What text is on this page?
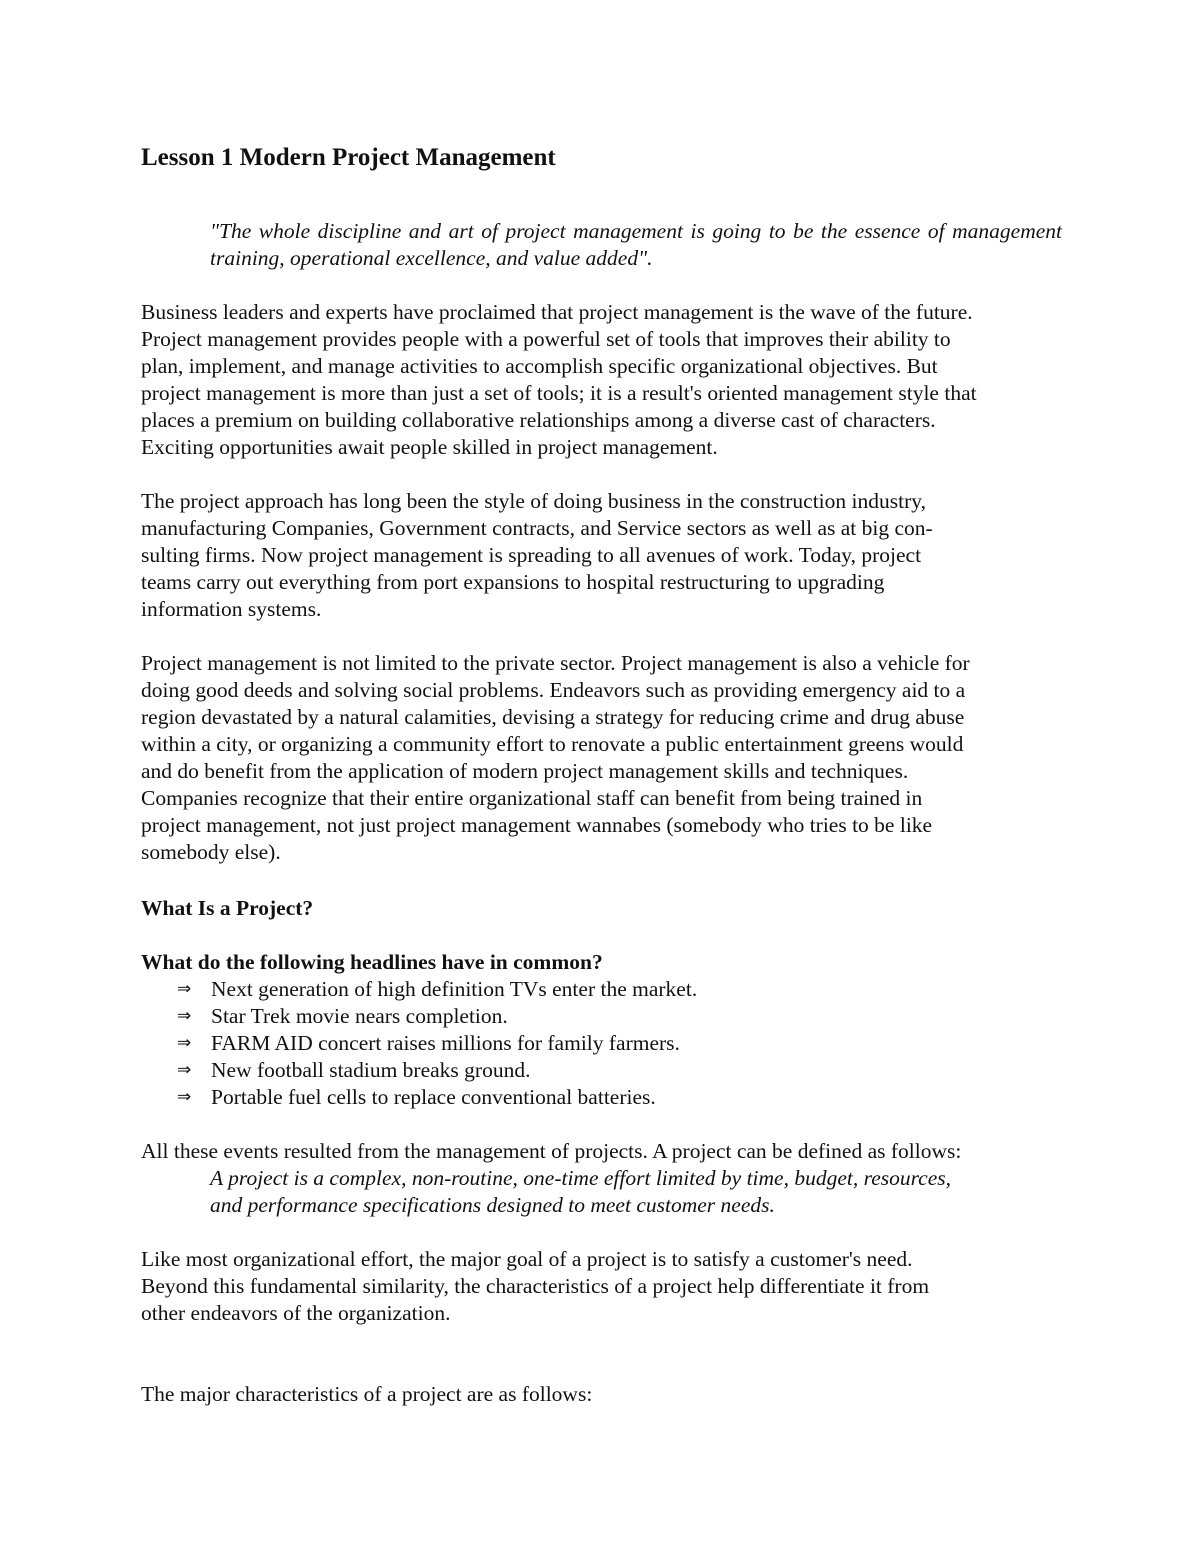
Lesson 1 Modern Project Management

"The whole discipline and art of project management is going to be the essence of management training, operational excellence, and value added".

Business leaders and experts have proclaimed that project management is the wave of the future.
Project management provides people with a powerful set of tools that improves their ability to
plan, implement, and manage activities to accomplish specific organizational objectives. But
project management is more than just a set of tools; it is a result's oriented management style that
places a premium on building collaborative relationships among a diverse cast of characters.
Exciting opportunities await people skilled in project management.
The project approach has long been the style of doing business in the construction industry,
manufacturing Companies, Government contracts, and Service sectors as well as at big con-
sulting firms. Now project management is spreading to all avenues of work. Today, project
teams carry out everything from port expansions to hospital restructuring to upgrading
information systems.
Project management is not limited to the private sector. Project management is also a vehicle for
doing good deeds and solving social problems. Endeavors such as providing emergency aid to a
region devastated by a natural calamities, devising a strategy for reducing crime and drug abuse
within a city, or organizing a community effort to renovate a public entertainment greens would
and do benefit from the application of modern project management skills and techniques.
Companies recognize that their entire organizational staff can benefit from being trained in
project management, not just project management wannabes (somebody who tries to be like
somebody else).
What Is a Project?
What do the following headlines have in common?
⇒ Next generation of high definition TVs enter the market.
⇒ Star Trek movie nears completion.
⇒ FARM AID concert raises millions for family farmers.
⇒ New football stadium breaks ground.
⇒ Portable fuel cells to replace conventional batteries.
All these events resulted from the management of projects. A project can be defined as follows:
A project is a complex, non-routine, one-time effort limited by time, budget, resources,
and performance specifications designed to meet customer needs.
Like most organizational effort, the major goal of a project is to satisfy a customer's need.
Beyond this fundamental similarity, the characteristics of a project help differentiate it from
other endeavors of the organization.
The major characteristics of a project are as follows:
